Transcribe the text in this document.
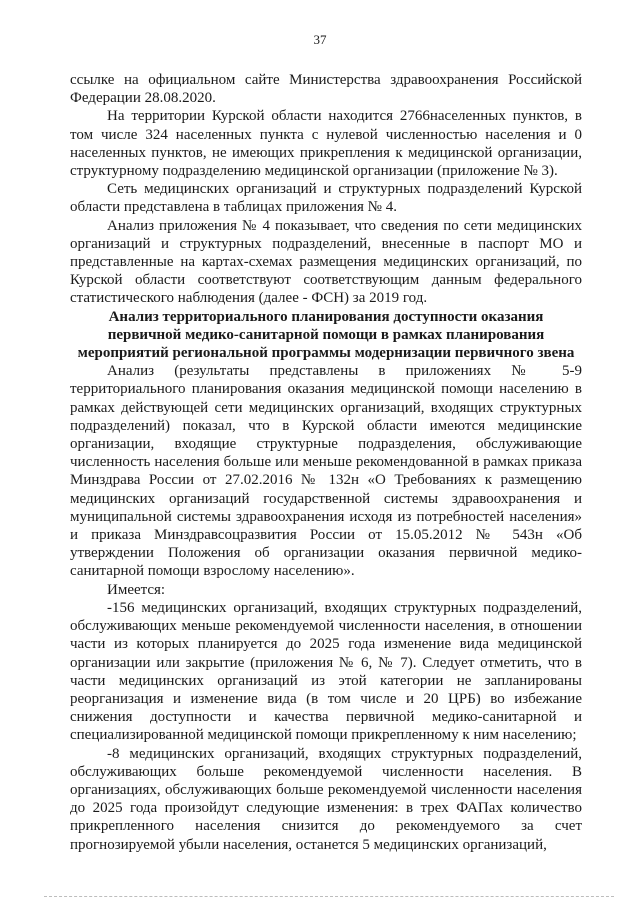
37

ссылке на официальном сайте Министерства здравоохранения Российской Федерации 28.08.2020.

На территории Курской области находится 2766населенных пунктов, в том числе 324 населенных пункта с нулевой численностью населения и 0 населенных пунктов, не имеющих прикрепления к медицинской организации, структурному подразделению медицинской организации (приложение № 3).

Сеть медицинских организаций и структурных подразделений Курской области представлена в таблицах приложения № 4.

Анализ приложения № 4 показывает, что сведения по сети медицинских организаций и структурных подразделений, внесенные в паспорт МО и представленные на картах-схемах размещения медицинских организаций, по Курской области соответствуют соответствующим данным федерального статистического наблюдения (далее - ФСН) за 2019 год.

Анализ территориального планирования доступности оказания первичной медико-санитарной помощи в рамках планирования мероприятий региональной программы модернизации первичного звена

Анализ (результаты представлены в приложениях № 5-9 территориального планирования оказания медицинской помощи населению в рамках действующей сети медицинских организаций, входящих структурных подразделений) показал, что в Курской области имеются медицинские организации, входящие структурные подразделения, обслуживающие численность населения больше или меньше рекомендованной в рамках приказа Минздрава России от 27.02.2016 № 132н «О Требованиях к размещению медицинских организаций государственной системы здравоохранения и муниципальной системы здравоохранения исходя из потребностей населения» и приказа Минздравсоцразвития России от 15.05.2012 № 543н «Об утверждении Положения об организации оказания первичной медико-санитарной помощи взрослому населению».

Имеется:

-156 медицинских организаций, входящих структурных подразделений, обслуживающих меньше рекомендуемой численности населения, в отношении части из которых планируется до 2025 года изменение вида медицинской организации или закрытие (приложения № 6, № 7). Следует отметить, что в части медицинских организаций из этой категории не запланированы реорганизация и изменение вида (в том числе и 20 ЦРБ) во избежание снижения доступности и качества первичной медико-санитарной и специализированной медицинской помощи прикрепленному к ним населению;

-8 медицинских организаций, входящих структурных подразделений, обслуживающих больше рекомендуемой численности населения. В организациях, обслуживающих больше рекомендуемой численности населения до 2025 года произойдут следующие изменения: в трех ФАПах количество прикрепленного населения снизится до рекомендуемого за счет прогнозируемой убыли населения, останется 5 медицинских организаций,
